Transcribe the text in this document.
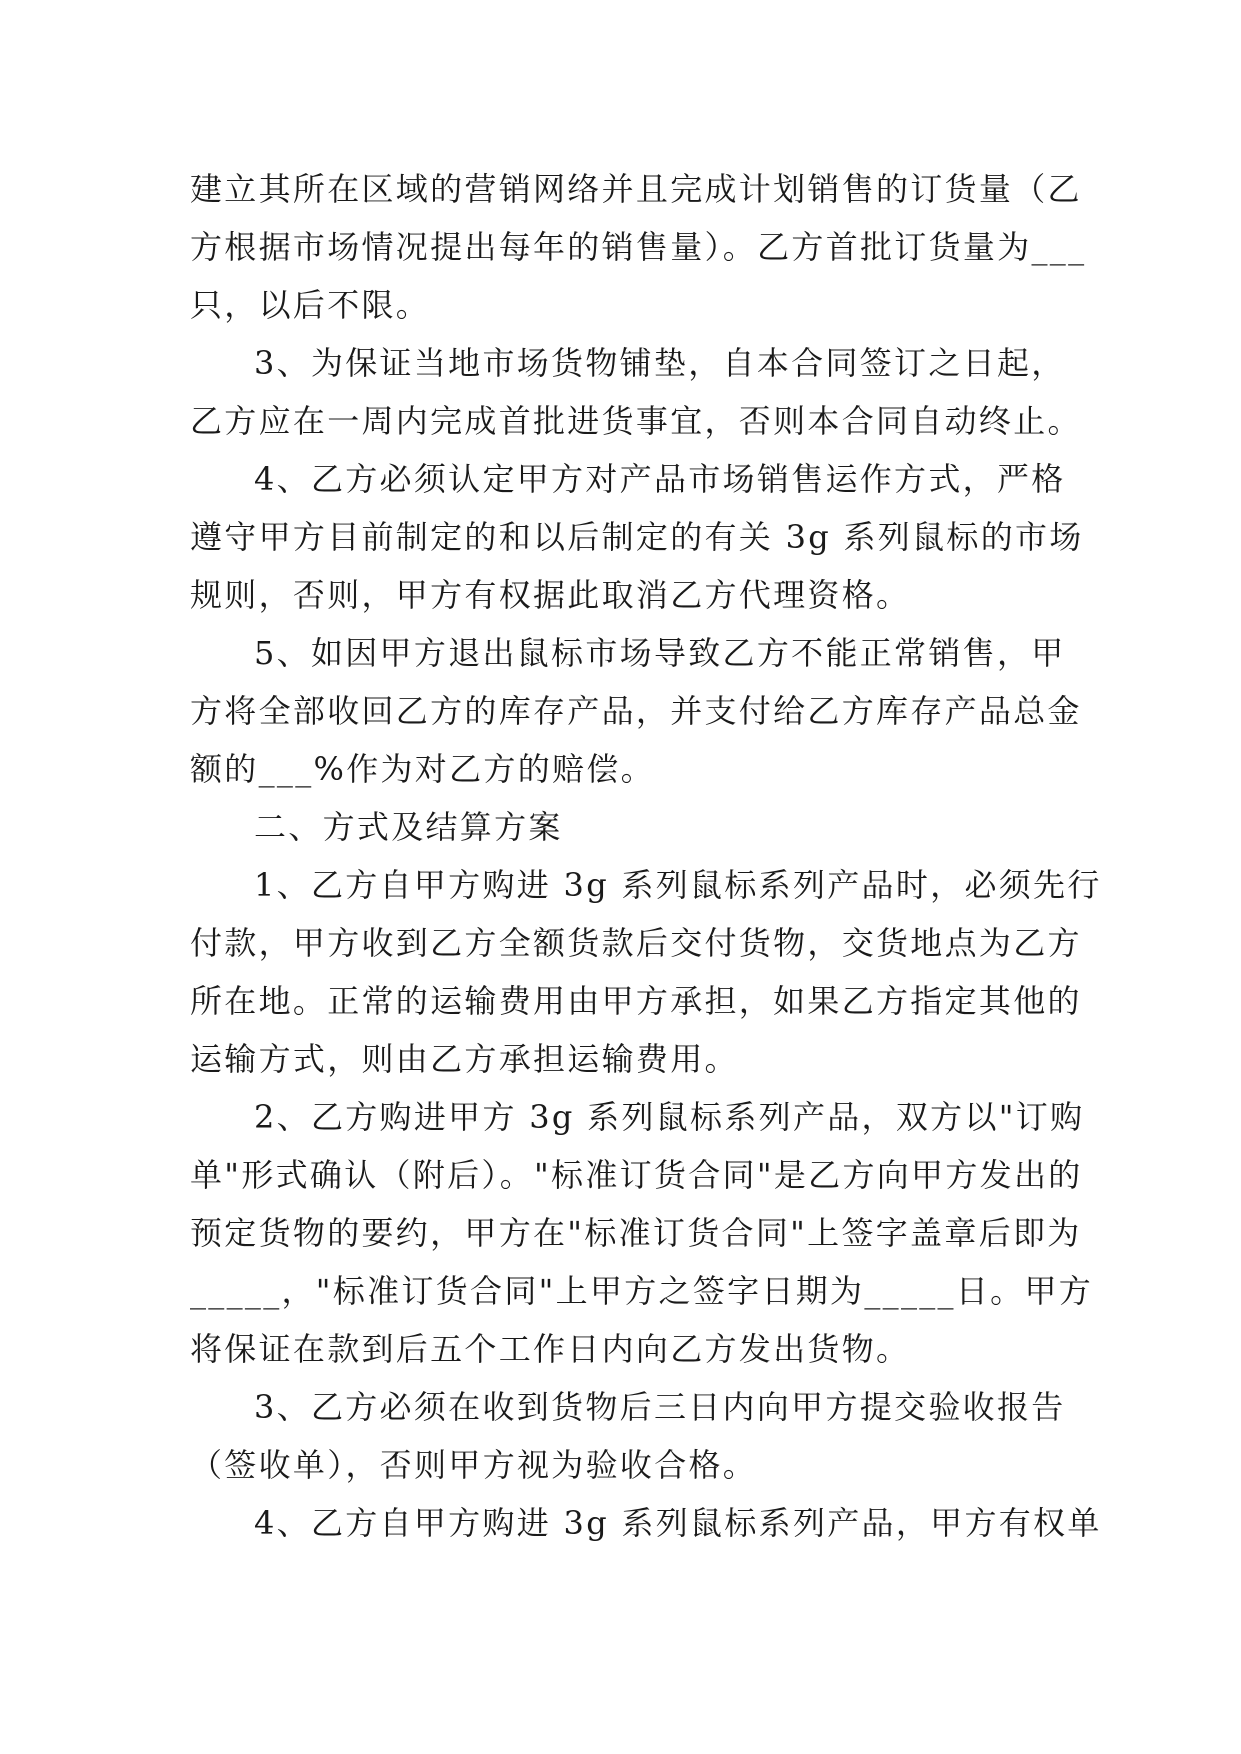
建立其所在区域的营销网络并且完成计划销售的订货量（乙
方根据市场情况提出每年的销售量）。乙方首批订货量为___
只，以后不限。
3、为保证当地市场货物铺垫，自本合同签订之日起，
乙方应在一周内完成首批进货事宜，否则本合同自动终止。
4、乙方必须认定甲方对产品市场销售运作方式，严格
遵守甲方目前制定的和以后制定的有关 3g 系列鼠标的市场
规则，否则，甲方有权据此取消乙方代理资格。
5、如因甲方退出鼠标市场导致乙方不能正常销售，甲
方将全部收回乙方的库存产品，并支付给乙方库存产品总金
额的___%作为对乙方的赔偿。
二、方式及结算方案
1、乙方自甲方购进 3g 系列鼠标系列产品时，必须先行
付款，甲方收到乙方全额货款后交付货物，交货地点为乙方
所在地。正常的运输费用由甲方承担，如果乙方指定其他的
运输方式，则由乙方承担运输费用。
2、乙方购进甲方 3g 系列鼠标系列产品，双方以"订购
单"形式确认（附后）。"标准订货合同"是乙方向甲方发出的
预定货物的要约，甲方在"标准订货合同"上签字盖章后即为
_____，"标准订货合同"上甲方之签字日期为_____日。甲方
将保证在款到后五个工作日内向乙方发出货物。
3、乙方必须在收到货物后三日内向甲方提交验收报告
（签收单），否则甲方视为验收合格。
4、乙方自甲方购进 3g 系列鼠标系列产品，甲方有权单
